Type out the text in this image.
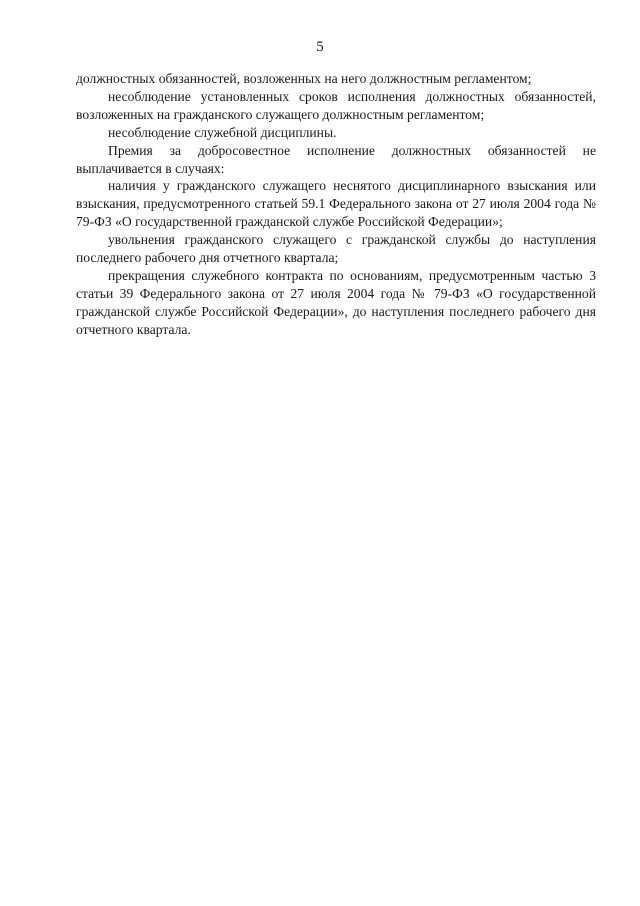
5

должностных обязанностей, возложенных на него должностным регламентом;

несоблюдение установленных сроков исполнения должностных обязанностей, возложенных на гражданского служащего должностным регламентом;

несоблюдение служебной дисциплины.

Премия за добросовестное исполнение должностных обязанностей не выплачивается в случаях:

наличия у гражданского служащего неснятого дисциплинарного взыскания или взыскания, предусмотренного статьей 59.1 Федерального закона от 27 июля 2004 года № 79-ФЗ «О государственной гражданской службе Российской Федерации»;

увольнения гражданского служащего с гражданской службы до наступления последнего рабочего дня отчетного квартала;

прекращения служебного контракта по основаниям, предусмотренным частью 3 статьи 39 Федерального закона от 27 июля 2004 года № 79-ФЗ «О государственной гражданской службе Российской Федерации», до наступления последнего рабочего дня отчетного квартала.
